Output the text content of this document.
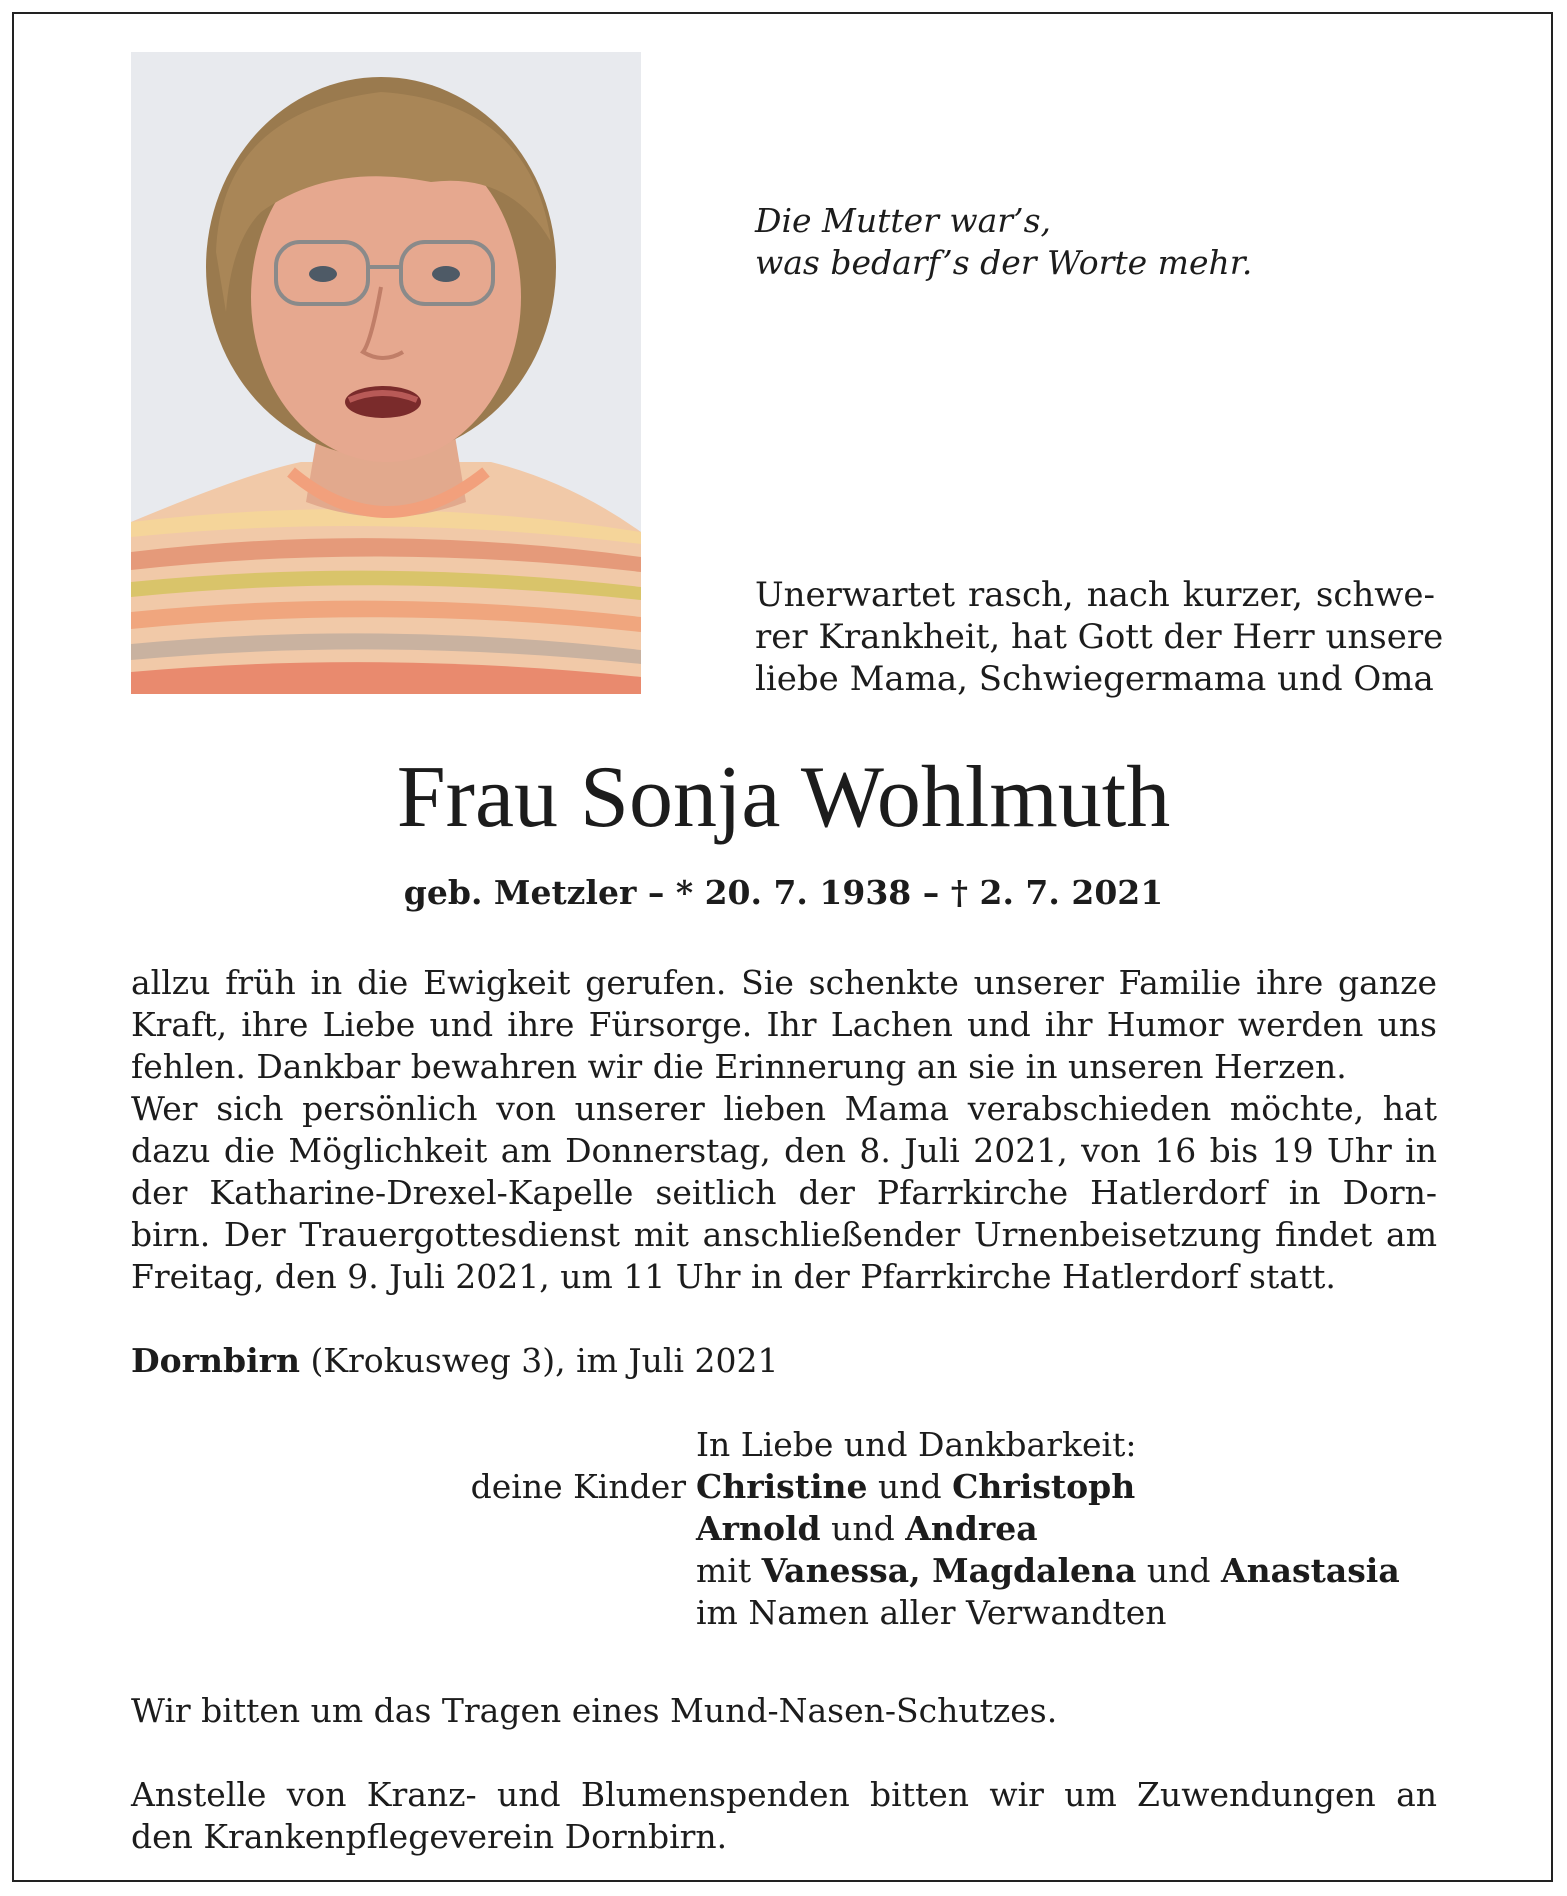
Die Mutter war’s,
was bedarf’s der Worte mehr.
Unerwartet rasch, nach kurzer, schwe-
rer Krankheit, hat Gott der Herr unsere
liebe Mama, Schwiegermama und Oma
Frau Sonja Wohlmuth
geb. Metzler – * 20. 7. 1938 – † 2. 7. 2021
allzu früh in die Ewigkeit gerufen. Sie schenkte unserer Familie ihre ganze
Kraft, ihre Liebe und ihre Fürsorge. Ihr Lachen und ihr Humor werden uns
fehlen. Dankbar bewahren wir die Erinnerung an sie in unseren Herzen.
Wer sich persönlich von unserer lieben Mama verabschieden möchte, hat
dazu die Möglichkeit am Donnerstag, den 8. Juli 2021, von 16 bis 19 Uhr in
der Katharine-Drexel-Kapelle seitlich der Pfarrkirche Hatlerdorf in Dorn-
birn. Der Trauergottesdienst mit anschließender Urnenbeisetzung findet am
Freitag, den 9. Juli 2021, um 11 Uhr in der Pfarrkirche Hatlerdorf statt.
Dornbirn (Krokusweg 3), im Juli 2021
In Liebe und Dankbarkeit:
deine Kinder Christine und Christoph
Arnold und Andrea
mit Vanessa, Magdalena und Anastasia
im Namen aller Verwandten
Wir bitten um das Tragen eines Mund-Nasen-Schutzes.
Anstelle von Kranz- und Blumenspenden bitten wir um Zuwendungen an
den Krankenpflegeverein Dornbirn.
